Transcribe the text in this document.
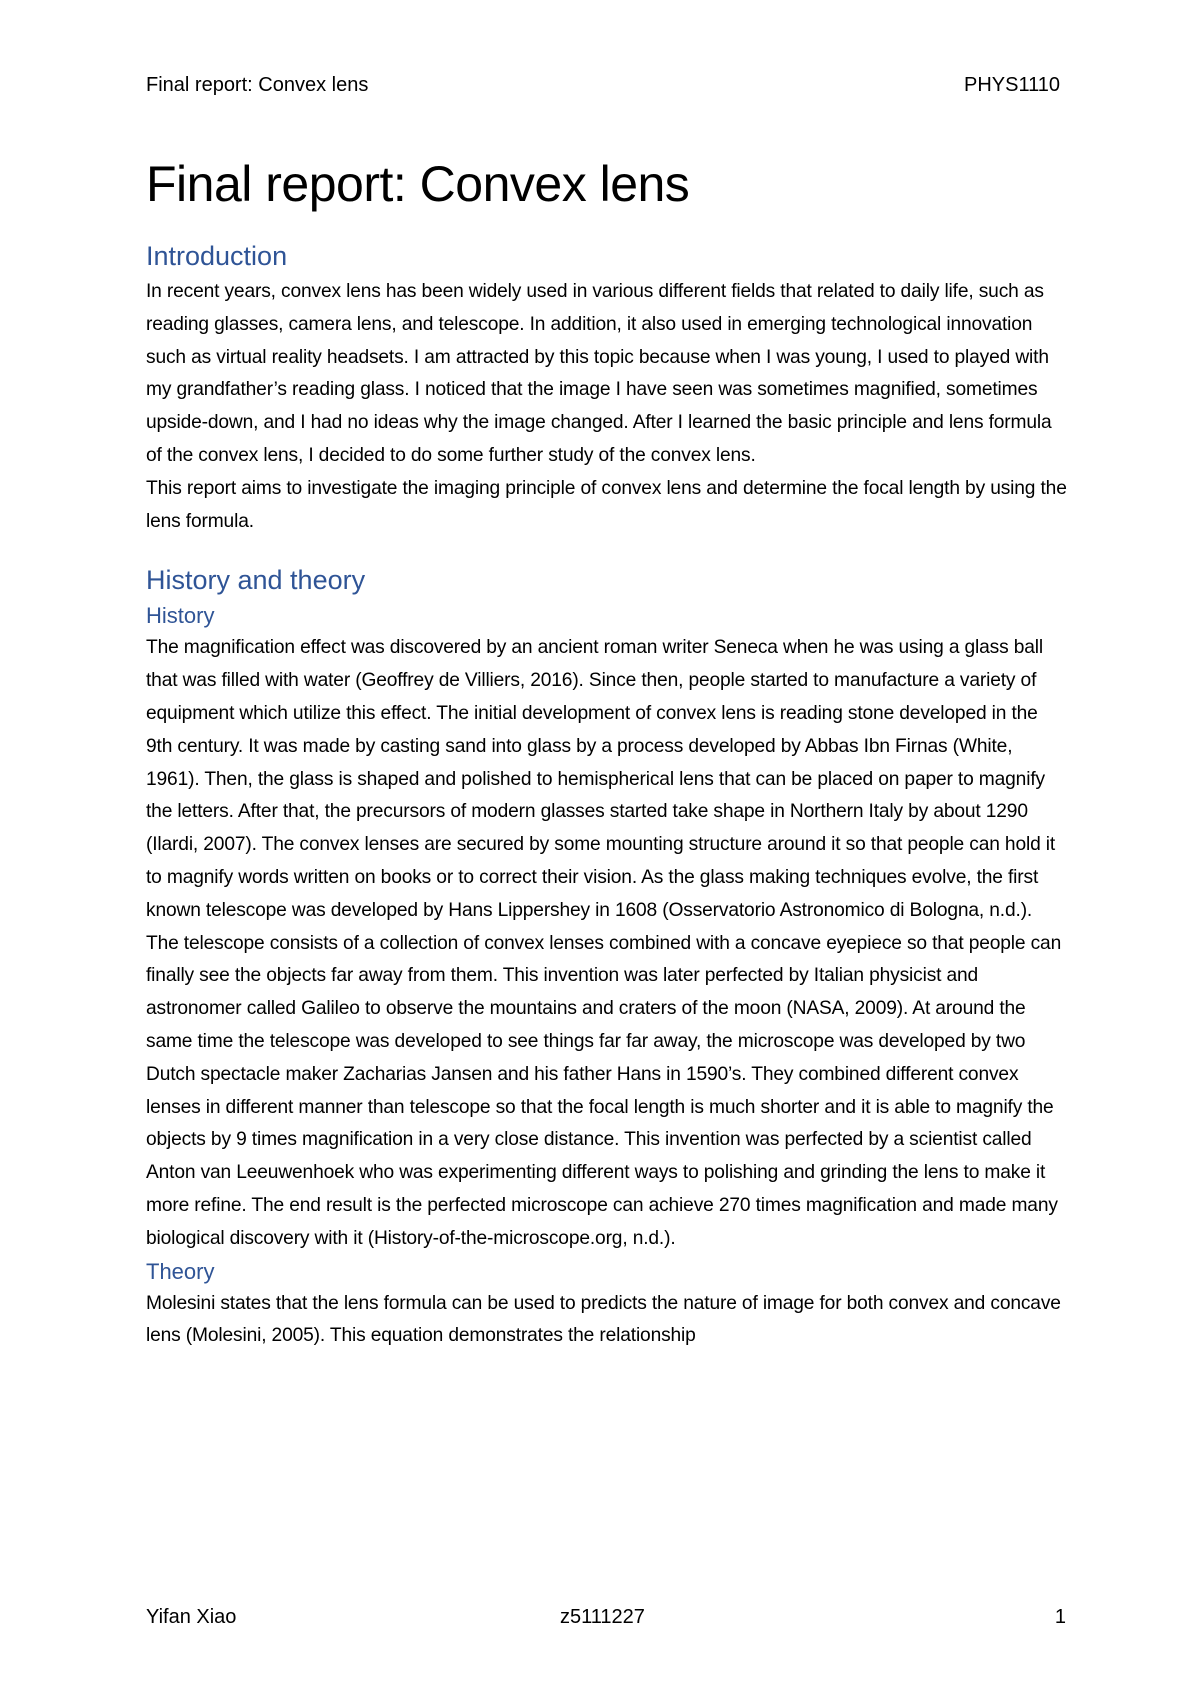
Final report: Convex lens	PHYS1110
Final report: Convex lens
Introduction

In recent years, convex lens has been widely used in various different fields that related to daily life, such as reading glasses, camera lens, and telescope. In addition, it also used in emerging technological innovation such as virtual reality headsets. I am attracted by this topic because when I was young, I used to played with my grandfather’s reading glass. I noticed that the image I have seen was sometimes magnified, sometimes upside-down, and I had no ideas why the image changed. After I learned the basic principle and lens formula of the convex lens, I decided to do some further study of the convex lens.

This report aims to investigate the imaging principle of convex lens and determine the focal length by using the lens formula.

History and theory
History

The magnification effect was discovered by an ancient roman writer Seneca when he was using a glass ball that was filled with water (Geoffrey de Villiers, 2016). Since then, people started to manufacture a variety of equipment which utilize this effect. The initial development of convex lens is reading stone developed in the 9th century. It was made by casting sand into glass by a process developed by Abbas Ibn Firnas (White, 1961). Then, the glass is shaped and polished to hemispherical lens that can be placed on paper to magnify the letters. After that, the precursors of modern glasses started take shape in Northern Italy by about 1290 (Ilardi, 2007). The convex lenses are secured by some mounting structure around it so that people can hold it to magnify words written on books or to correct their vision. As the glass making techniques evolve, the first known telescope was developed by Hans Lippershey in 1608 (Osservatorio Astronomico di Bologna, n.d.). The telescope consists of a collection of convex lenses combined with a concave eyepiece so that people can finally see the objects far away from them. This invention was later perfected by Italian physicist and astronomer called Galileo to observe the mountains and craters of the moon (NASA, 2009). At around the same time the telescope was developed to see things far far away, the microscope was developed by two Dutch spectacle maker Zacharias Jansen and his father Hans in 1590’s. They combined different convex lenses in different manner than telescope so that the focal length is much shorter and it is able to magnify the objects by 9 times magnification in a very close distance. This invention was perfected by a scientist called Anton van Leeuwenhoek who was experimenting different ways to polishing and grinding the lens to make it more refine. The end result is the perfected microscope can achieve 270 times magnification and made many biological discovery with it (History-of-the-microscope.org, n.d.).

Theory

Molesini states that the lens formula can be used to predicts the nature of image for both convex and concave lens (Molesini, 2005). This equation demonstrates the relationship

Yifan Xiao	z5111227	1
